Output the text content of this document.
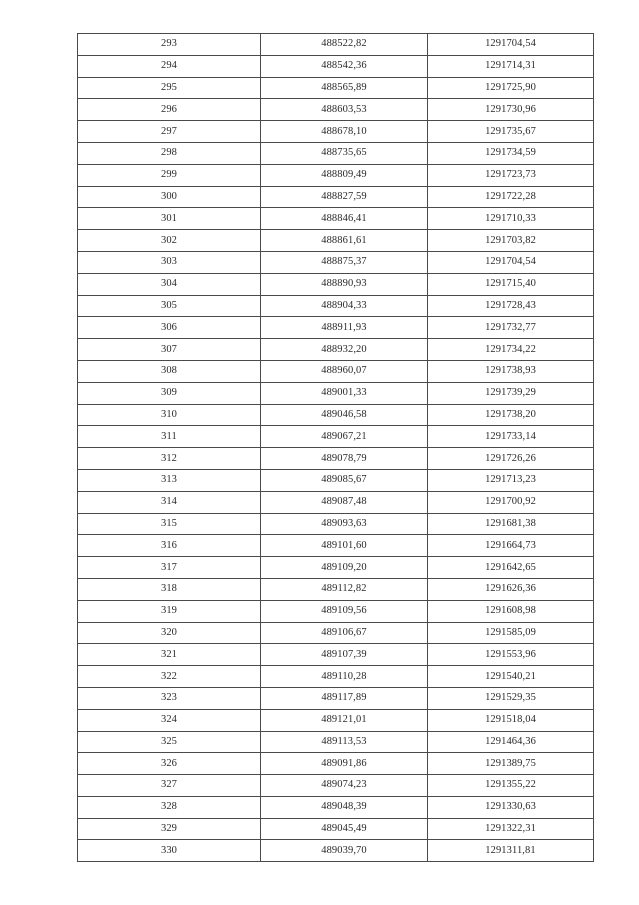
293	488522,82	1291704,54
294	488542,36	1291714,31
295	488565,89	1291725,90
296	488603,53	1291730,96
297	488678,10	1291735,67
298	488735,65	1291734,59
299	488809,49	1291723,73
300	488827,59	1291722,28
301	488846,41	1291710,33
302	488861,61	1291703,82
303	488875,37	1291704,54
304	488890,93	1291715,40
305	488904,33	1291728,43
306	488911,93	1291732,77
307	488932,20	1291734,22
308	488960,07	1291738,93
309	489001,33	1291739,29
310	489046,58	1291738,20
311	489067,21	1291733,14
312	489078,79	1291726,26
313	489085,67	1291713,23
314	489087,48	1291700,92
315	489093,63	1291681,38
316	489101,60	1291664,73
317	489109,20	1291642,65
318	489112,82	1291626,36
319	489109,56	1291608,98
320	489106,67	1291585,09
321	489107,39	1291553,96
322	489110,28	1291540,21
323	489117,89	1291529,35
324	489121,01	1291518,04
325	489113,53	1291464,36
326	489091,86	1291389,75
327	489074,23	1291355,22
328	489048,39	1291330,63
329	489045,49	1291322,31
330	489039,70	1291311,81
